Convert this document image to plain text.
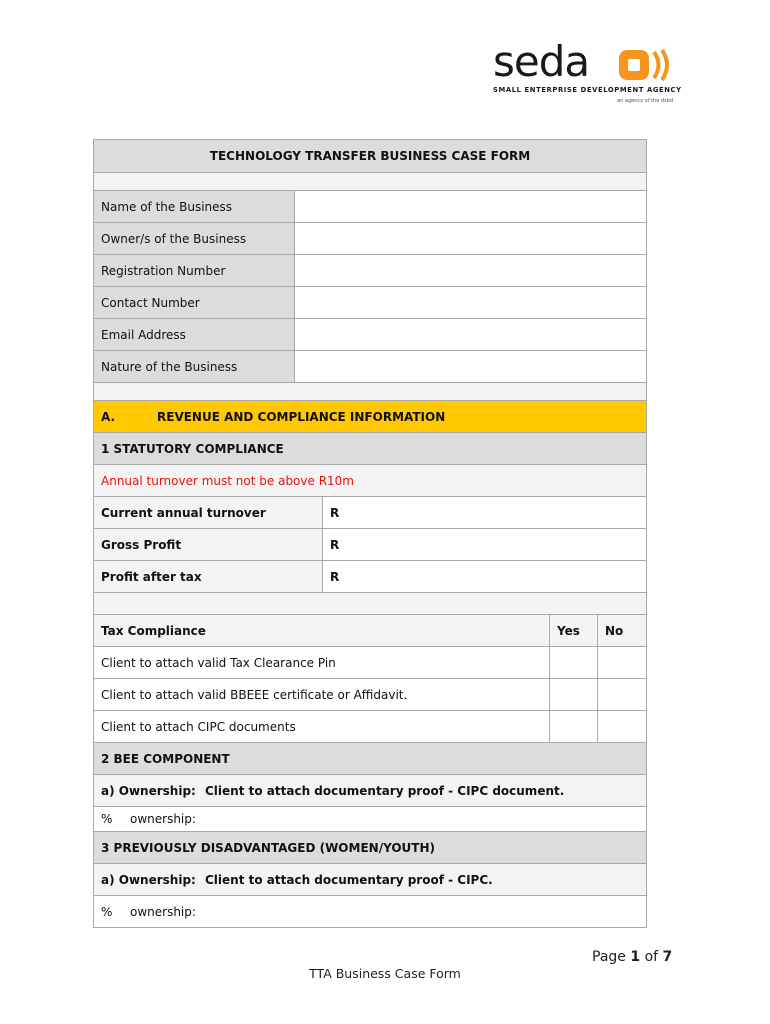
seda
SMALL ENTERPRISE DEVELOPMENT AGENCY
an agency of the dsbd
TECHNOLOGY TRANSFER BUSINESS CASE FORM				

Name of the Business				
Owner/s of the Business				
Registration Number				
Contact Number				
Email Address				
Nature of the Business				

A. REVENUE AND COMPLIANCE INFORMATION				
1 STATUTORY COMPLIANCE				
Annual turnover must not be above R10m				
Current annual turnover		R		
Gross Profit		R		
Profit after tax		R		

Tax Compliance			Yes	No
Client to attach valid Tax Clearance Pin				
Client to attach valid BBEEE certificate or Affidavit.				
Client to attach CIPC documents				
2 BEE COMPONENT				
a) Ownership: Client to attach documentary proof - CIPC document.				
% ownership:				
3 PREVIOUSLY DISADVANTAGED (WOMEN/YOUTH)				
a) Ownership: Client to attach documentary proof - CIPC.				
% ownership:				
Page 1 of 7
TTA Business Case Form
